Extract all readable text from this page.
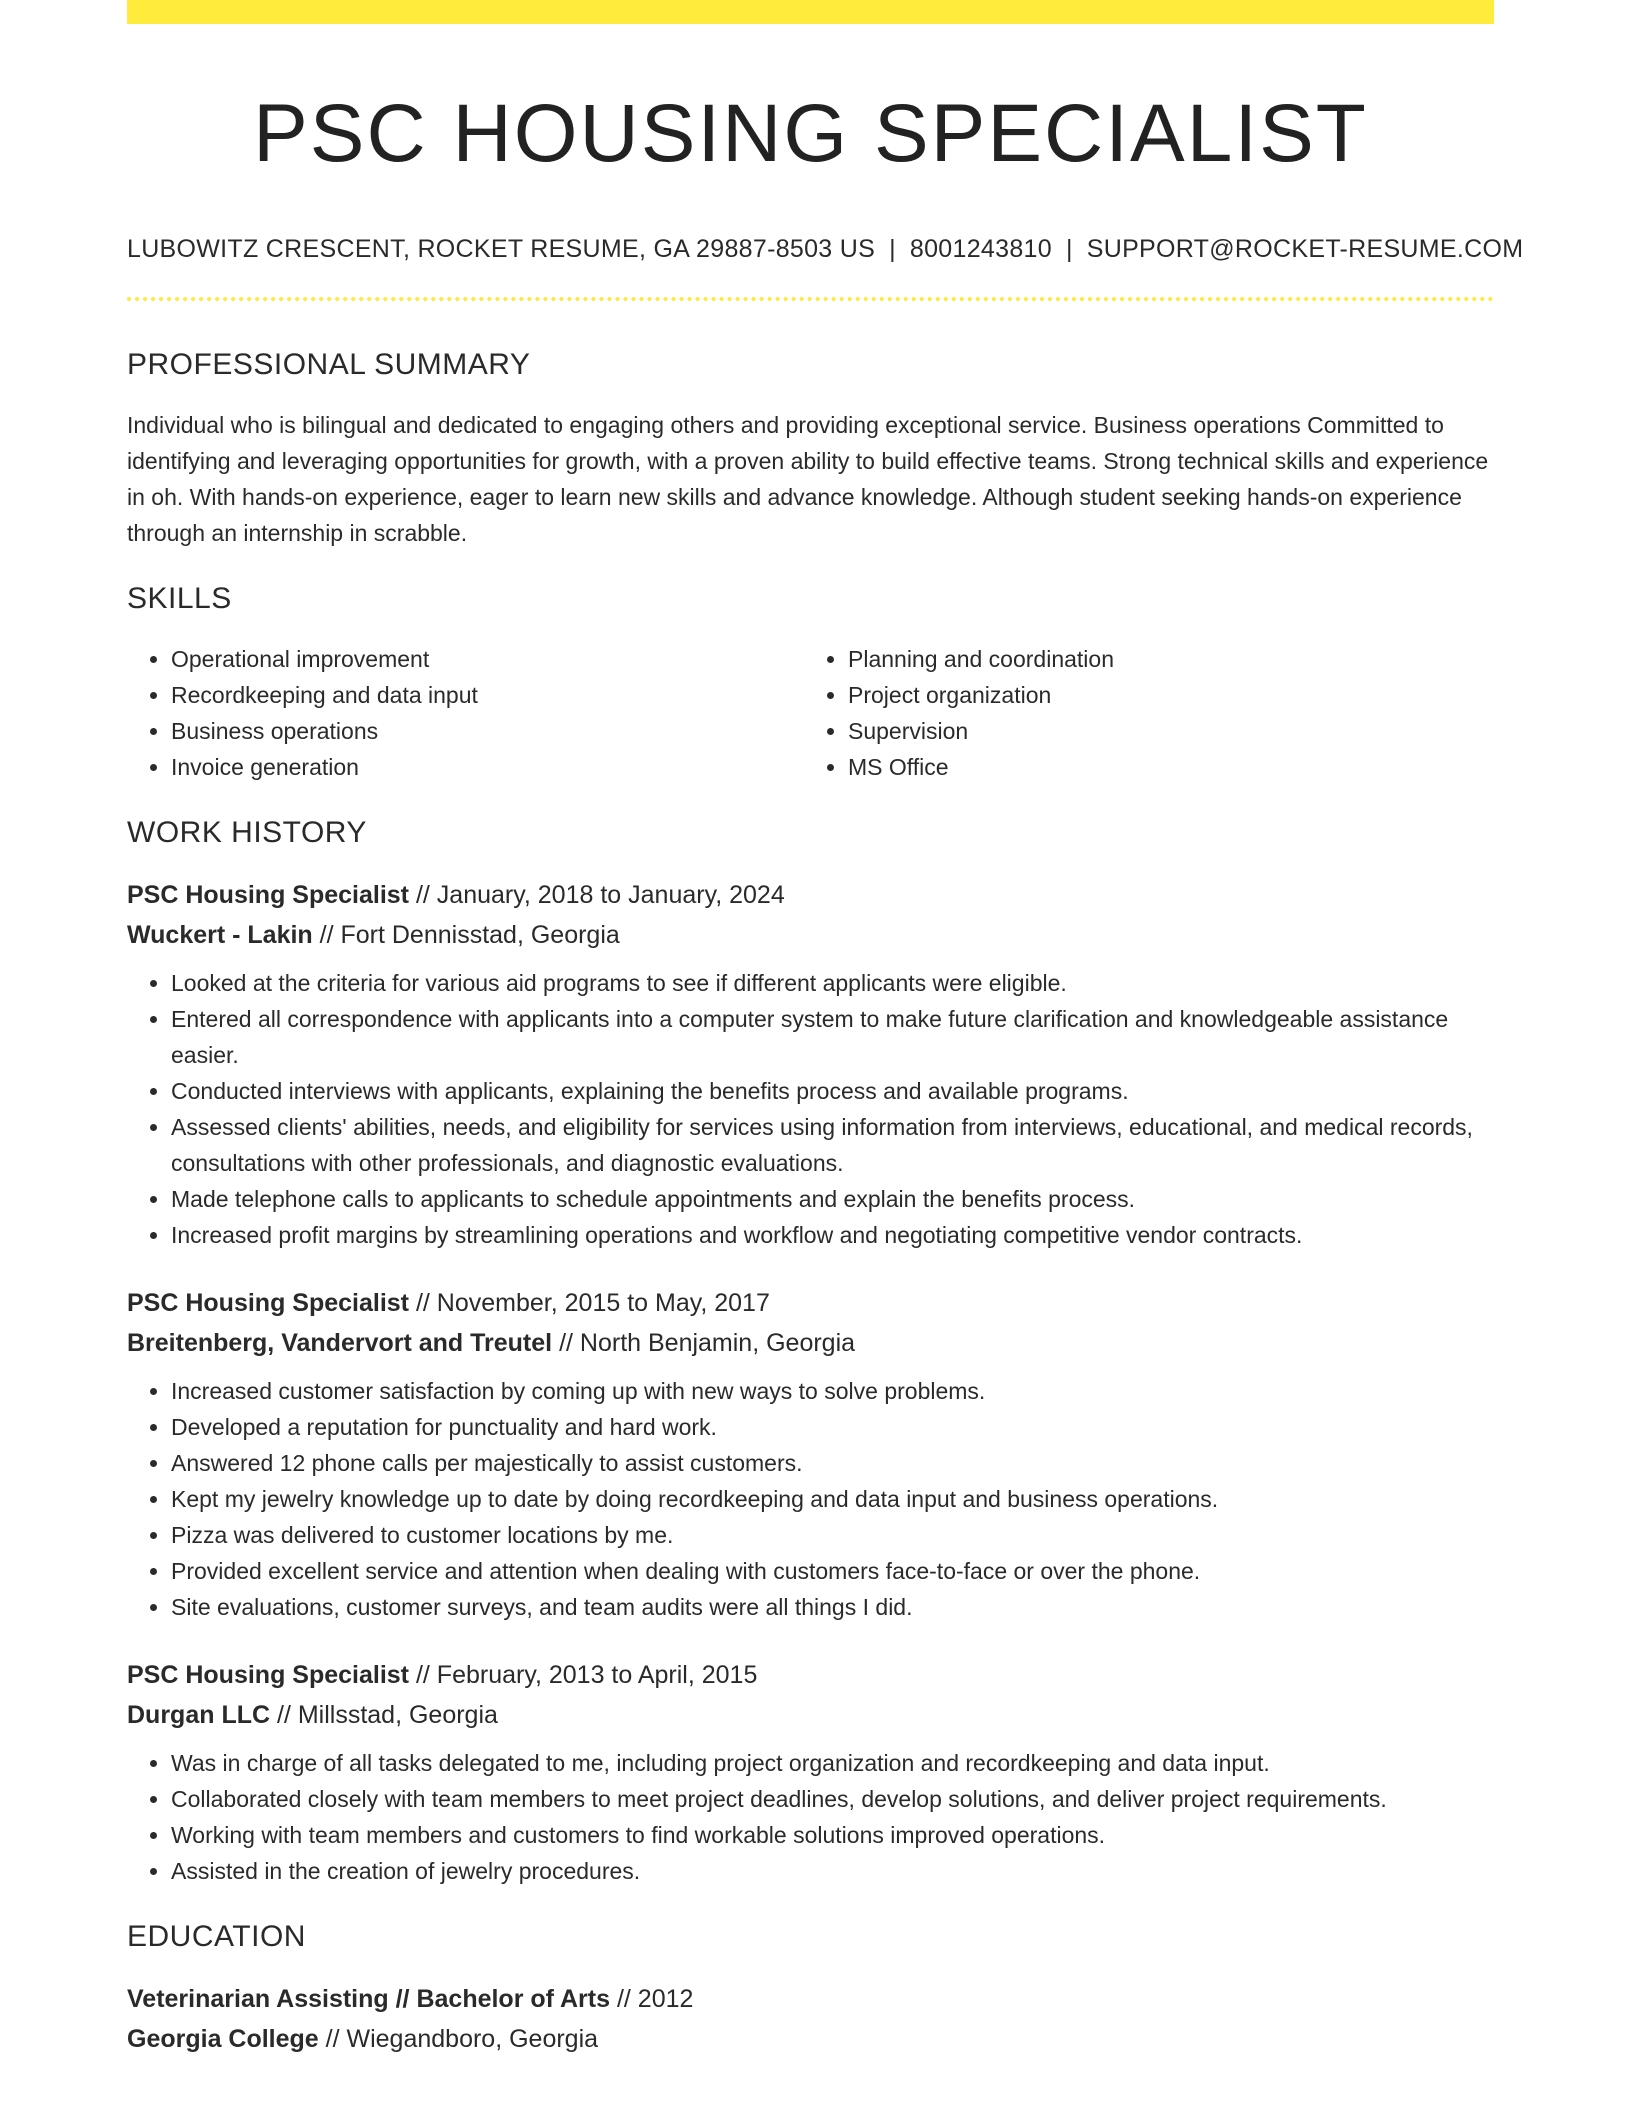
PSC HOUSING SPECIALIST
LUBOWITZ CRESCENT, ROCKET RESUME, GA 29887-8503 US | 8001243810 | SUPPORT@ROCKET-RESUME.COM
PROFESSIONAL SUMMARY

Individual who is bilingual and dedicated to engaging others and providing exceptional service. Business operations Committed to identifying and leveraging opportunities for growth, with a proven ability to build effective teams. Strong technical skills and experience in oh. With hands-on experience, eager to learn new skills and advance knowledge. Although student seeking hands-on experience through an internship in scrabble.

SKILLS
• Operational improvement
• Recordkeeping and data input
• Business operations
• Invoice generation
• Planning and coordination
• Project organization
• Supervision
• MS Office
WORK HISTORY
PSC Housing Specialist // January, 2018 to January, 2024
Wuckert - Lakin // Fort Dennisstad, Georgia
• Looked at the criteria for various aid programs to see if different applicants were eligible.
• Entered all correspondence with applicants into a computer system to make future clarification and knowledgeable assistance easier.
• Conducted interviews with applicants, explaining the benefits process and available programs.
• Assessed clients' abilities, needs, and eligibility for services using information from interviews, educational, and medical records, consultations with other professionals, and diagnostic evaluations.
• Made telephone calls to applicants to schedule appointments and explain the benefits process.
• Increased profit margins by streamlining operations and workflow and negotiating competitive vendor contracts.
PSC Housing Specialist // November, 2015 to May, 2017
Breitenberg, Vandervort and Treutel // North Benjamin, Georgia
• Increased customer satisfaction by coming up with new ways to solve problems.
• Developed a reputation for punctuality and hard work.
• Answered 12 phone calls per majestically to assist customers.
• Kept my jewelry knowledge up to date by doing recordkeeping and data input and business operations.
• Pizza was delivered to customer locations by me.
• Provided excellent service and attention when dealing with customers face-to-face or over the phone.
• Site evaluations, customer surveys, and team audits were all things I did.
PSC Housing Specialist // February, 2013 to April, 2015
Durgan LLC // Millsstad, Georgia
• Was in charge of all tasks delegated to me, including project organization and recordkeeping and data input.
• Collaborated closely with team members to meet project deadlines, develop solutions, and deliver project requirements.
• Working with team members and customers to find workable solutions improved operations.
• Assisted in the creation of jewelry procedures.
EDUCATION
Veterinarian Assisting // Bachelor of Arts // 2012
Georgia College // Wiegandboro, Georgia
